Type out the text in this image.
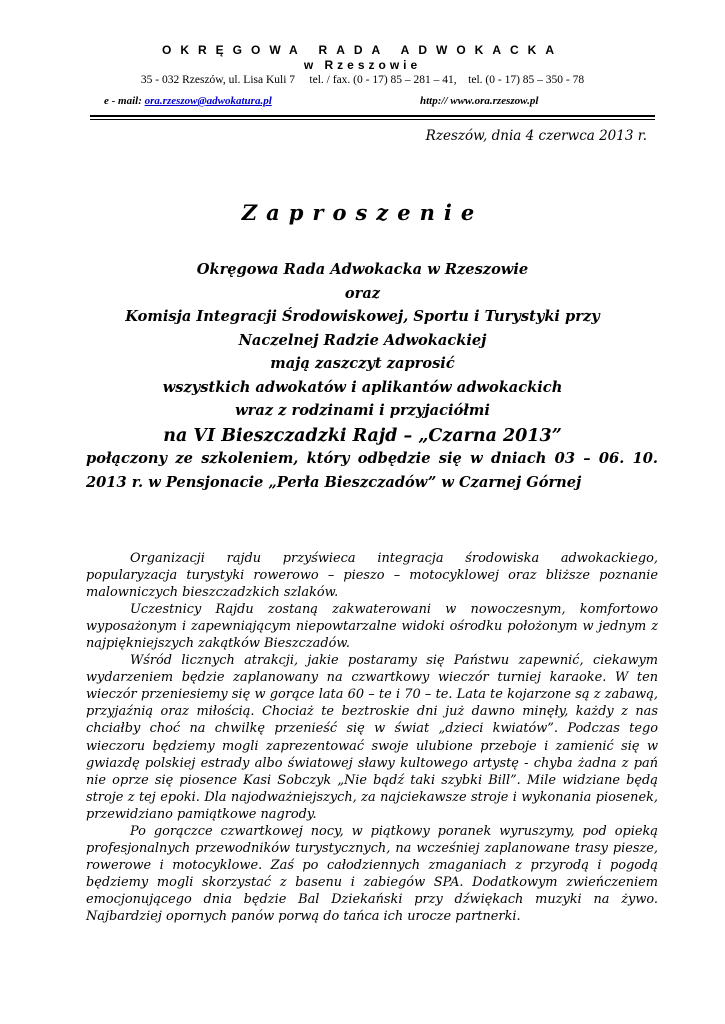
OKRĘGOWA RADA ADWOKACKA
w Rzeszowie
35 - 032 Rzeszów, ul. Lisa Kuli 7     tel. / fax. (0 - 17) 85 – 281 – 41,    tel. (0 - 17) 85 – 350 - 78
e - mail: ora.rzeszow@adwokatura.pl	http:// www.ora.rzeszow.pl
Rzeszów, dnia 4 czerwca 2013 r.
Zaproszenie
Okręgowa Rada Adwokacka w Rzeszowie
oraz
Komisja Integracji Środowiskowej, Sportu i Turystyki przy
Naczelnej Radzie Adwokackiej
mają zaszczyt zaprosić
wszystkich adwokatów i aplikantów adwokackich
wraz z rodzinami i przyjaciółmi
na VI Bieszczadzki Rajd – „Czarna 2013”
połączony ze szkoleniem, który odbędzie się w dniach 03 – 06. 10. 2013 r. w Pensjonacie „Perła Bieszczadów” w Czarnej Górnej

Organizacji rajdu przyświeca integracja środowiska adwokackiego, popularyzacja turystyki rowerowo – pieszo – motocyklowej oraz bliższe poznanie malowniczych bieszczadzkich szlaków.

Uczestnicy Rajdu zostaną zakwaterowani w nowoczesnym, komfortowo wyposażonym i zapewniającym niepowtarzalne widoki ośrodku położonym w jednym z najpiękniejszych zakątków Bieszczadów.

Wśród licznych atrakcji, jakie postaramy się Państwu zapewnić, ciekawym wydarzeniem będzie zaplanowany na czwartkowy wieczór turniej karaoke. W ten wieczór przeniesiemy się w gorące lata 60 – te i 70 – te. Lata te kojarzone są z zabawą, przyjaźnią oraz miłością. Chociaż te beztroskie dni już dawno minęły, każdy z nas chciałby choć na chwilkę przenieść się w świat „dzieci kwiatów”. Podczas tego wieczoru będziemy mogli zaprezentować swoje ulubione przeboje i zamienić się w gwiazdę polskiej estrady albo światowej sławy kultowego artystę - chyba żadna z pań nie oprze się piosence Kasi Sobczyk „Nie bądź taki szybki Bill”. Mile widziane będą stroje z tej epoki. Dla najodważniejszych, za najciekawsze stroje i wykonania piosenek, przewidziano pamiątkowe nagrody.

Po gorączce czwartkowej nocy, w piątkowy poranek wyruszymy, pod opieką profesjonalnych przewodników turystycznych, na wcześniej zaplanowane trasy piesze, rowerowe i motocyklowe. Zaś po całodziennych zmaganiach z przyrodą i pogodą będziemy mogli skorzystać z basenu i zabiegów SPA. Dodatkowym zwieńczeniem emocjonującego dnia będzie Bal Dziekański przy dźwiękach muzyki na żywo. Najbardziej opornych panów porwą do tańca ich urocze partnerki.
